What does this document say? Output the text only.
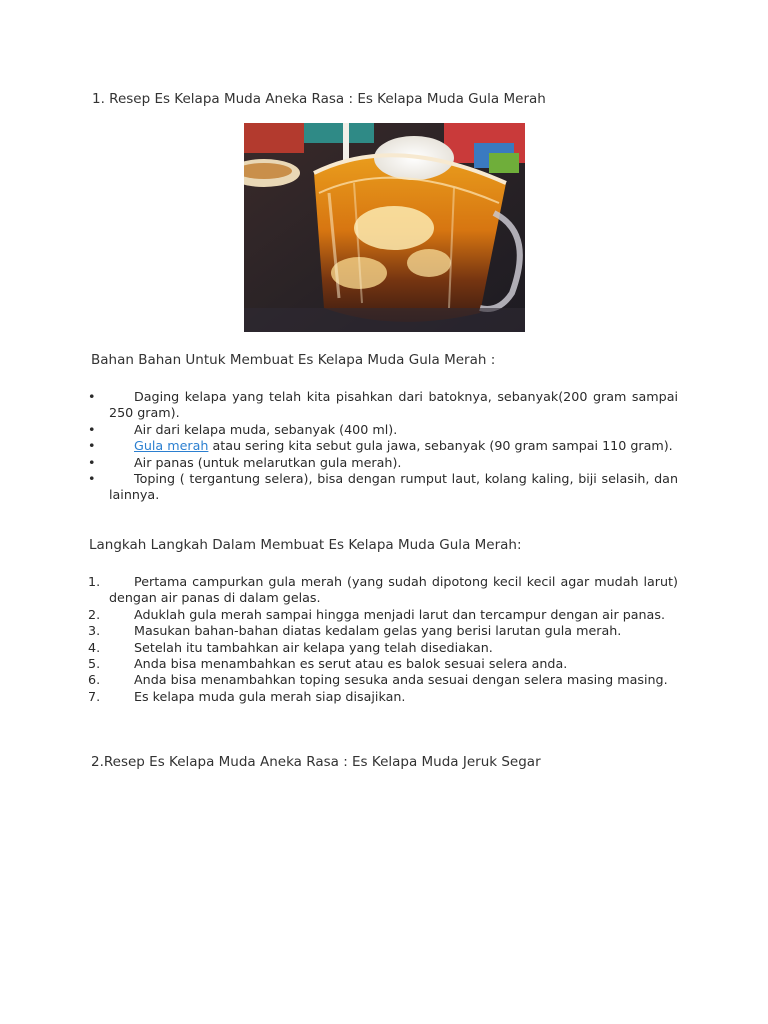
1. Resep Es Kelapa Muda Aneka Rasa : Es Kelapa Muda Gula Merah
Bahan Bahan Untuk Membuat Es Kelapa Muda Gula Merah :
•	Daging kelapa yang telah kita pisahkan dari batoknya, sebanyak(200 gram sampai 250 gram).
•	Air dari kelapa muda, sebanyak (400 ml).
•	Gula merah atau sering kita sebut gula jawa, sebanyak (90 gram sampai 110 gram).
•	Air panas (untuk melarutkan gula merah).
•	Toping ( tergantung selera), bisa dengan rumput laut, kolang kaling, biji selasih, dan lainnya.
Langkah Langkah Dalam Membuat Es Kelapa Muda Gula Merah:
1.	Pertama campurkan gula merah (yang sudah dipotong kecil kecil agar mudah larut) dengan air panas di dalam gelas.
2.	Aduklah gula merah sampai hingga menjadi larut dan tercampur dengan air panas.
3.	Masukan bahan-bahan diatas kedalam gelas yang berisi larutan gula merah.
4.	Setelah itu tambahkan air kelapa yang telah disediakan.
5.	Anda bisa menambahkan es serut atau es balok sesuai selera anda.
6.	Anda bisa menambahkan toping sesuka anda sesuai dengan selera masing masing.
7.	Es kelapa muda gula merah siap disajikan.
2.Resep Es Kelapa Muda Aneka Rasa : Es Kelapa Muda Jeruk Segar
